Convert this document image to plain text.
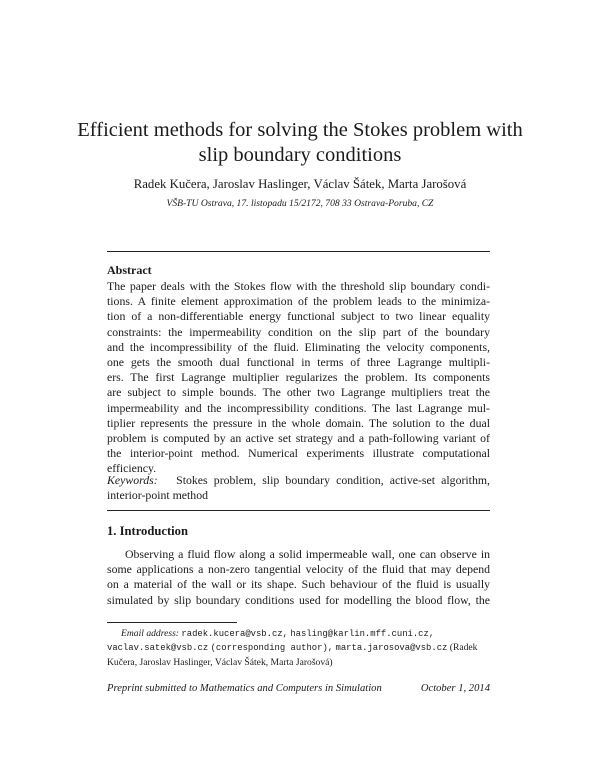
Efficient methods for solving the Stokes problem with
slip boundary conditions
Radek Kučera, Jaroslav Haslinger, Václav Šátek, Marta Jarošová
VŠB-TU Ostrava, 17. listopadu 15/2172, 708 33 Ostrava-Poruba, CZ
Abstract
The paper deals with the Stokes flow with the threshold slip boundary condi-
tions. A finite element approximation of the problem leads to the minimiza-
tion of a non-differentiable energy functional subject to two linear equality
constraints: the impermeability condition on the slip part of the boundary
and the incompressibility of the fluid. Eliminating the velocity components,
one gets the smooth dual functional in terms of three Lagrange multipli-
ers. The first Lagrange multiplier regularizes the problem. Its components
are subject to simple bounds. The other two Lagrange multipliers treat the
impermeability and the incompressibility conditions. The last Lagrange mul-
tiplier represents the pressure in the whole domain. The solution to the dual
problem is computed by an active set strategy and a path-following variant of
the interior-point method. Numerical experiments illustrate computational
efficiency.
Keywords: Stokes problem, slip boundary condition, active-set algorithm,
interior-point method
1. Introduction
Observing a fluid flow along a solid impermeable wall, one can observe in
some applications a non-zero tangential velocity of the fluid that may depend
on a material of the wall or its shape. Such behaviour of the fluid is usually
simulated by slip boundary conditions used for modelling the blood flow, the
Email address: radek.kucera@vsb.cz, hasling@karlin.mff.cuni.cz,
vaclav.satek@vsb.cz (corresponding author), marta.jarosova@vsb.cz (Radek
Kučera, Jaroslav Haslinger, Václav Šátek, Marta Jarošová)
Preprint submitted to Mathematics and Computers in Simulation	October 1, 2014
